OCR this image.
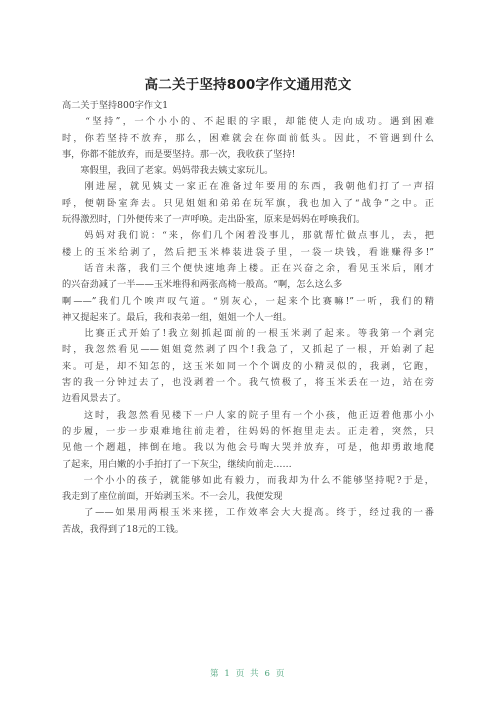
高二关于坚持800字作文通用范文
高二关于坚持800字作文1
　　“坚持”，一个小小的、不起眼的字眼，却能使人走向成功。遇到困难
时，你若坚持不放弃，那么，困难就会在你面前低头。因此，不管遇到什么
事，你都不能放弃，而是要坚持。那一次，我收获了坚持!
　　寒假里，我回了老家。妈妈带我去姨丈家玩儿。
　　刚进屋，就见姨丈一家正在准备过年要用的东西，我朝他们打了一声招
呼，便朝卧室奔去。只见姐姐和弟弟在玩军旗，我也加入了“战争”之中。正
玩得激烈时，门外便传来了一声呼唤。走出卧室，原来是妈妈在呼唤我们。
　　妈妈对我们说：“来，你们几个闲着没事儿，那就帮忙做点事儿，去，把
楼上的玉米给剥了，然后把玉米棒装进袋子里，一袋一块钱，看谁赚得多!”
　　话音未落，我们三个便快速地奔上楼。正在兴奋之余，看见玉米后，刚才
的兴奋劲减了一半——玉米堆得和两张高椅一般高。“啊，怎么这么多
啊——”我们几个唉声叹气道。“别灰心，一起来个比赛嘛!”一听，我们的精
神又提起来了。最后，我和表弟一组，姐姐一个人一组。
　　比赛正式开始了!我立刻抓起面前的一根玉米剥了起来。等我第一个剥完
时，我忽然看见——姐姐竟然剥了四个!我急了，又抓起了一根，开始剥了起
来。可是，却不知怎的，这玉米如同一个个调皮的小精灵似的，我剥，它跑，
害的我一分钟过去了，也没剥着一个。我气愤极了，将玉米丢在一边，站在旁
边看风景去了。
　　这时，我忽然看见楼下一户人家的院子里有一个小孩，他正迈着他那小小
的步履，一步一步艰难地往前走着，往妈妈的怀抱里走去。正走着，突然，只
见他一个趔趄，摔倒在地。我以为他会号啕大哭并放弃，可是，他却勇敢地爬
了起来，用白嫩的小手拍打了一下灰尘，继续向前走……
　　一个小小的孩子，就能够如此有毅力，而我却为什么不能够坚持呢?于是，
我走到了座位前面，开始剥玉米。不一会儿，我便发现
　　了——如果用两根玉米来搓，工作效率会大大提高。终于，经过我的一番
苦战，我得到了18元的工钱。
第 1 页 共 6 页
